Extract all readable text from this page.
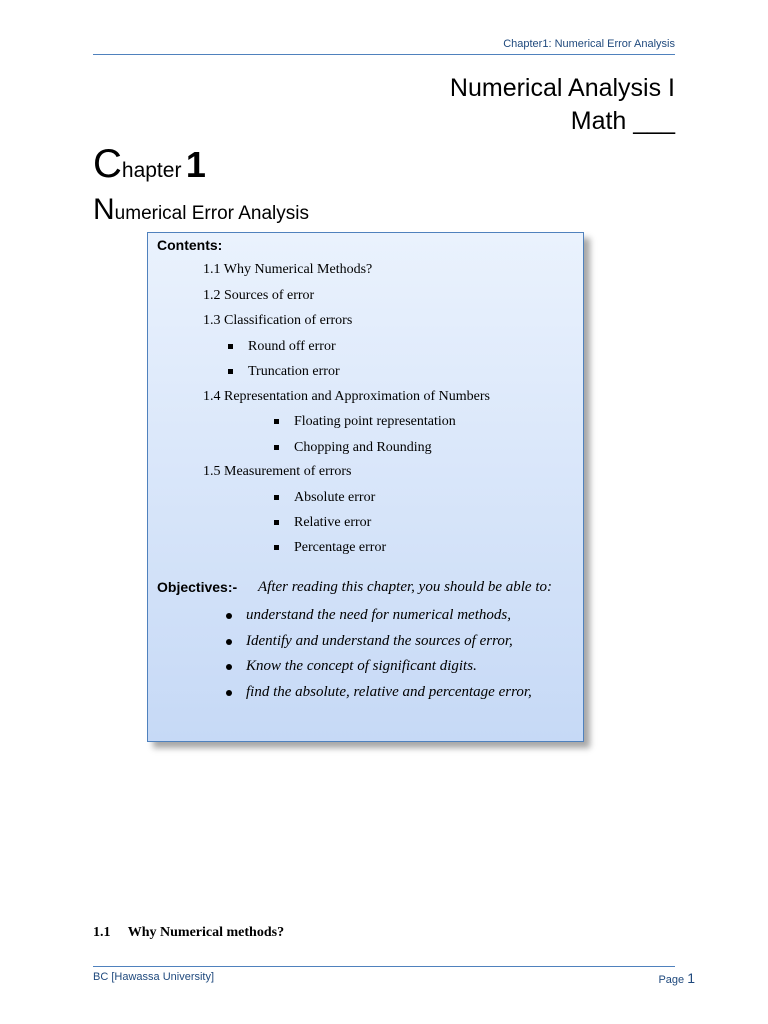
Chapter1: Numerical Error Analysis
Numerical Analysis I
Math ___
Chapter 1
Numerical Error Analysis
Contents:
1.1 Why Numerical Methods?
1.2 Sources of error
1.3 Classification of errors
Round off error
Truncation error
1.4 Representation and Approximation of Numbers
Floating point representation
Chopping and Rounding
1.5 Measurement of errors
Absolute error
Relative error
Percentage error
Objectives:- After reading this chapter, you should be able to:
understand the need for numerical methods,
Identify and understand the sources of error,
Know the concept of significant digits.
find the absolute, relative and percentage error,
1.1     Why Numerical methods?
BC [Hawassa University]	Page 1
